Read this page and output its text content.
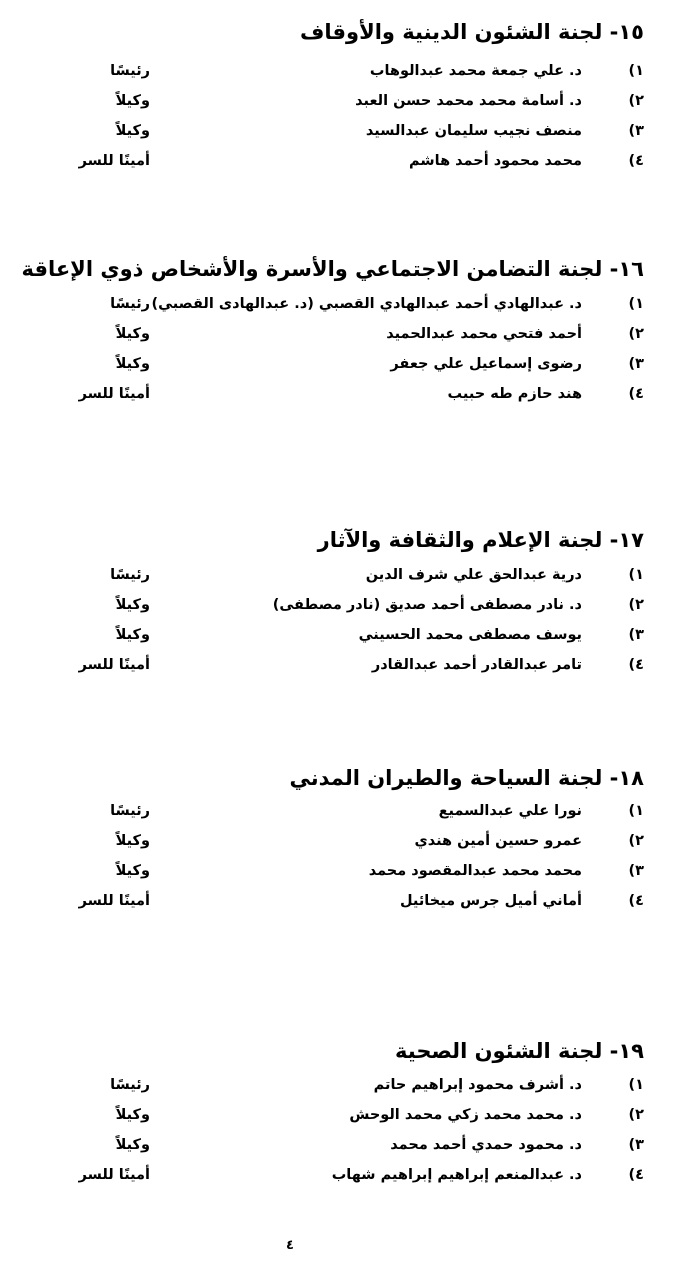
١٥- لجنة الشئون الدينية والأوقاف
١)
د. علي جمعة محمد عبدالوهاب
رئيسًا
٢)
د. أسامة محمد محمد حسن العبد
وكيلاً
٣)
منصف نجيب سليمان عبدالسيد
وكيلاً
٤)
محمد محمود أحمد هاشم
أمينًا للسر
١٦- لجنة التضامن الاجتماعي والأسرة والأشخاص ذوي الإعاقة
١)
د. عبدالهادي أحمد عبدالهادي القصبي (د. عبدالهادى القصبي)
رئيسًا
٢)
أحمد فتحي محمد عبدالحميد
وكيلاً
٣)
رضوى إسماعيل علي جعفر
وكيلاً
٤)
هند حازم طه حبيب
أمينًا للسر
١٧- لجنة الإعلام والثقافة والآثار
١)
درية عبدالحق علي شرف الدين
رئيسًا
٢)
د. نادر مصطفى أحمد صديق (نادر مصطفى)
وكيلاً
٣)
يوسف مصطفى محمد الحسيني
وكيلاً
٤)
تامر عبدالقادر أحمد عبدالقادر
أمينًا للسر
١٨- لجنة السياحة والطيران المدني
١)
نورا علي عبدالسميع
رئيسًا
٢)
عمرو حسين أمين هندي
وكيلاً
٣)
محمد محمد عبدالمقصود محمد
وكيلاً
٤)
أماني أميل جرس ميخائيل
أمينًا للسر
١٩- لجنة الشئون الصحية
١)
د. أشرف محمود إبراهيم حاتم
رئيسًا
٢)
د. محمد محمد زكي محمد الوحش
وكيلاً
٣)
د. محمود حمدي أحمد محمد
وكيلاً
٤)
د. عبدالمنعم إبراهيم إبراهيم شهاب
أمينًا للسر
٤
